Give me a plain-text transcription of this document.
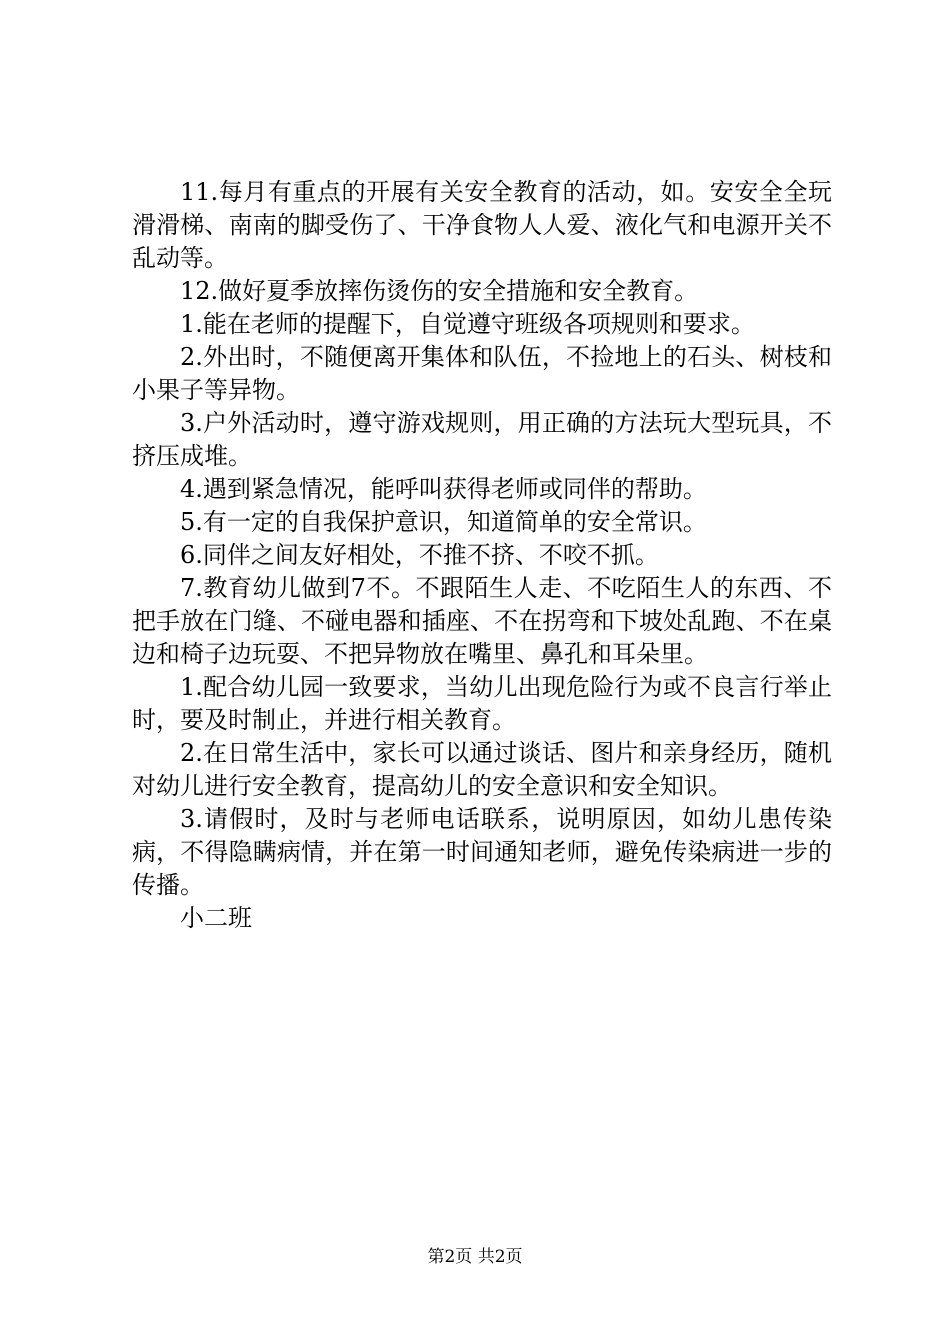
11.每月有重点的开展有关安全教育的活动，如。安安全全玩滑滑梯、南南的脚受伤了、干净食物人人爱、液化气和电源开关不乱动等。

12.做好夏季放摔伤烫伤的安全措施和安全教育。

1.能在老师的提醒下，自觉遵守班级各项规则和要求。

2.外出时，不随便离开集体和队伍，不捡地上的石头、树枝和小果子等异物。

3.户外活动时，遵守游戏规则，用正确的方法玩大型玩具，不挤压成堆。

4.遇到紧急情况，能呼叫获得老师或同伴的帮助。

5.有一定的自我保护意识，知道简单的安全常识。

6.同伴之间友好相处，不推不挤、不咬不抓。

7.教育幼儿做到7不。不跟陌生人走、不吃陌生人的东西、不把手放在门缝、不碰电器和插座、不在拐弯和下坡处乱跑、不在桌边和椅子边玩耍、不把异物放在嘴里、鼻孔和耳朵里。

1.配合幼儿园一致要求，当幼儿出现危险行为或不良言行举止时，要及时制止，并进行相关教育。

2.在日常生活中，家长可以通过谈话、图片和亲身经历，随机对幼儿进行安全教育，提高幼儿的安全意识和安全知识。

3.请假时，及时与老师电话联系，说明原因，如幼儿患传染病，不得隐瞒病情，并在第一时间通知老师，避免传染病进一步的传播。

小二班

第2页 共2页
